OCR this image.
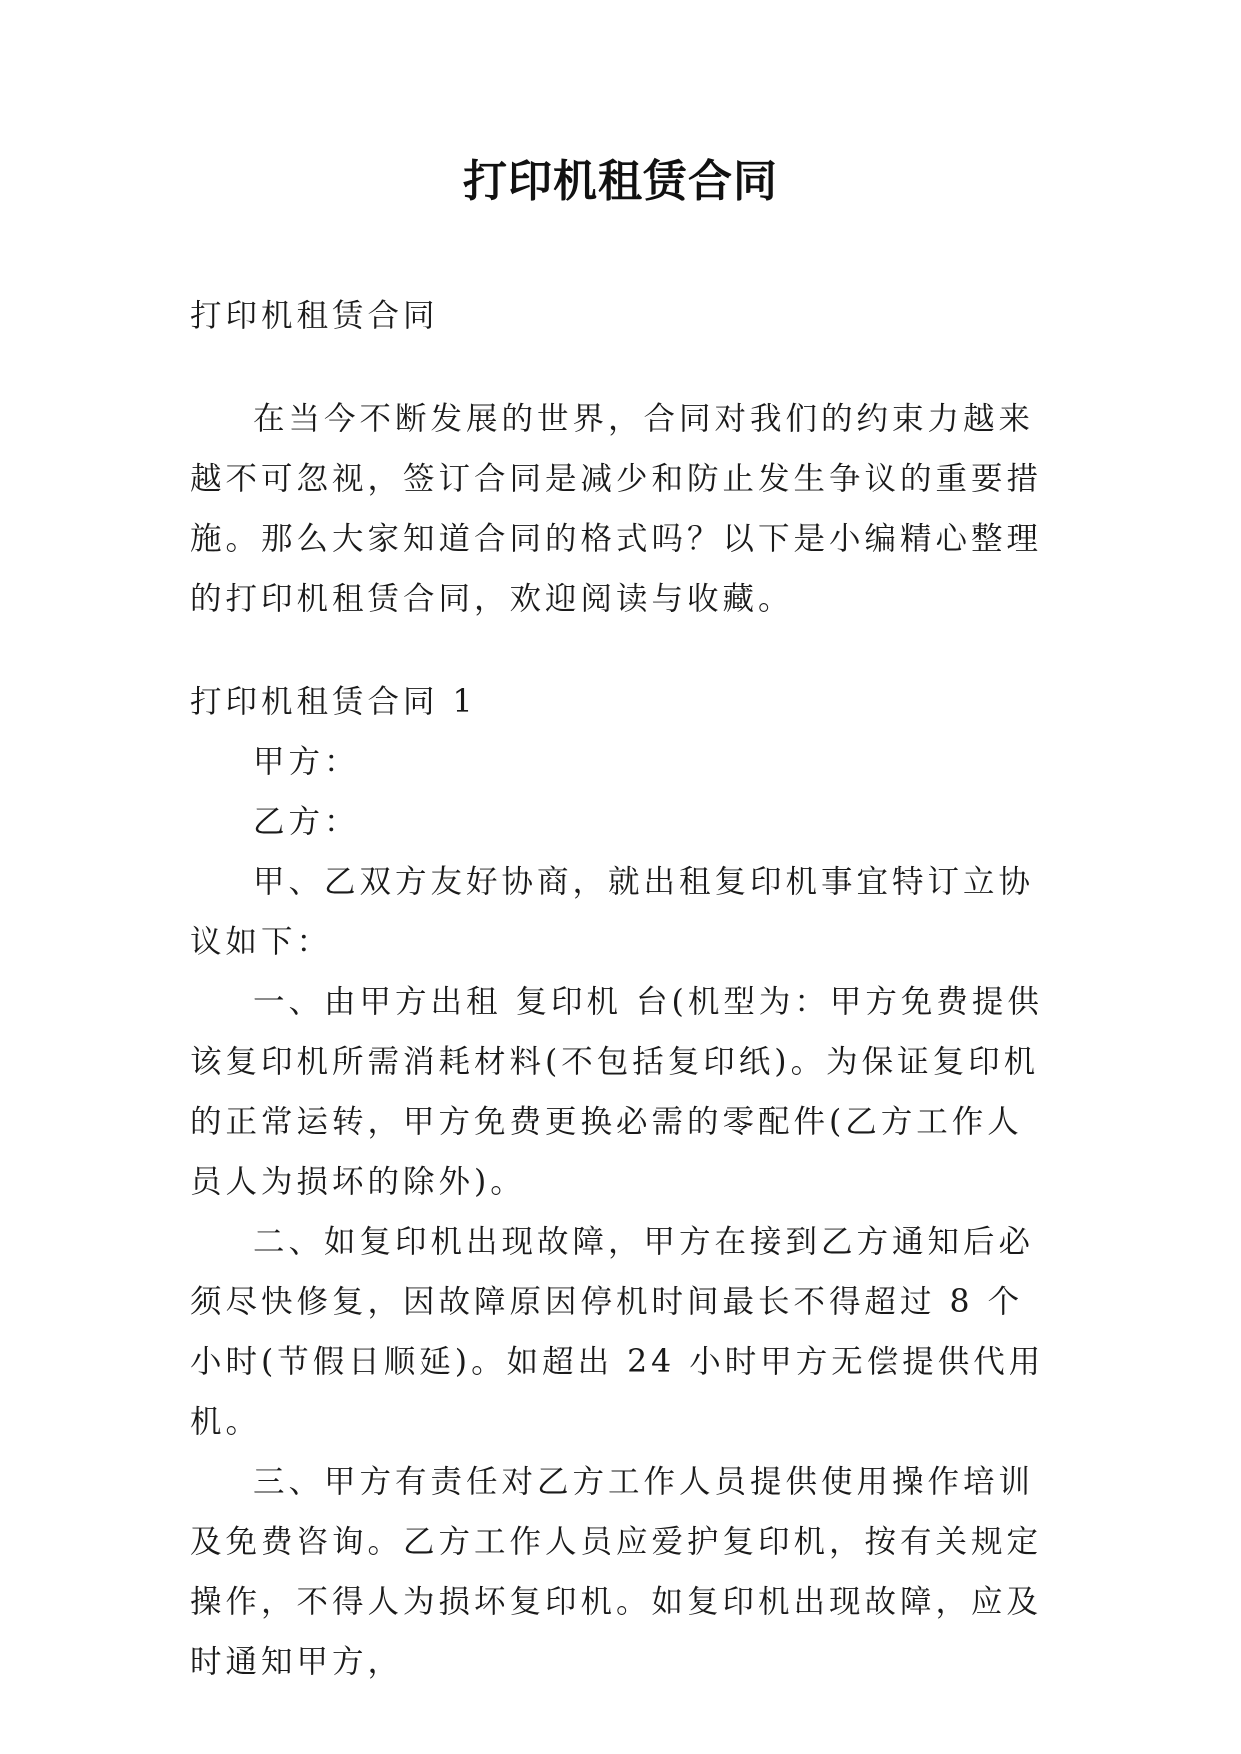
打印机租赁合同

打印机租赁合同

在当今不断发展的世界，合同对我们的约束力越来越不可忽视，签订合同是减少和防止发生争议的重要措施。那么大家知道合同的格式吗？以下是小编精心整理的打印机租赁合同，欢迎阅读与收藏。

打印机租赁合同 1

甲方：

乙方：

甲、乙双方友好协商，就出租复印机事宜特订立协议如下：

一、由甲方出租 复印机 台(机型为：甲方免费提供该复印机所需消耗材料(不包括复印纸)。为保证复印机的正常运转，甲方免费更换必需的零配件(乙方工作人员人为损坏的除外)。

二、如复印机出现故障，甲方在接到乙方通知后必须尽快修复，因故障原因停机时间最长不得超过 8 个小时(节假日顺延)。如超出 24 小时甲方无偿提供代用机。

三、甲方有责任对乙方工作人员提供使用操作培训及免费咨询。乙方工作人员应爱护复印机，按有关规定操作，不得人为损坏复印机。如复印机出现故障，应及时通知甲方，
